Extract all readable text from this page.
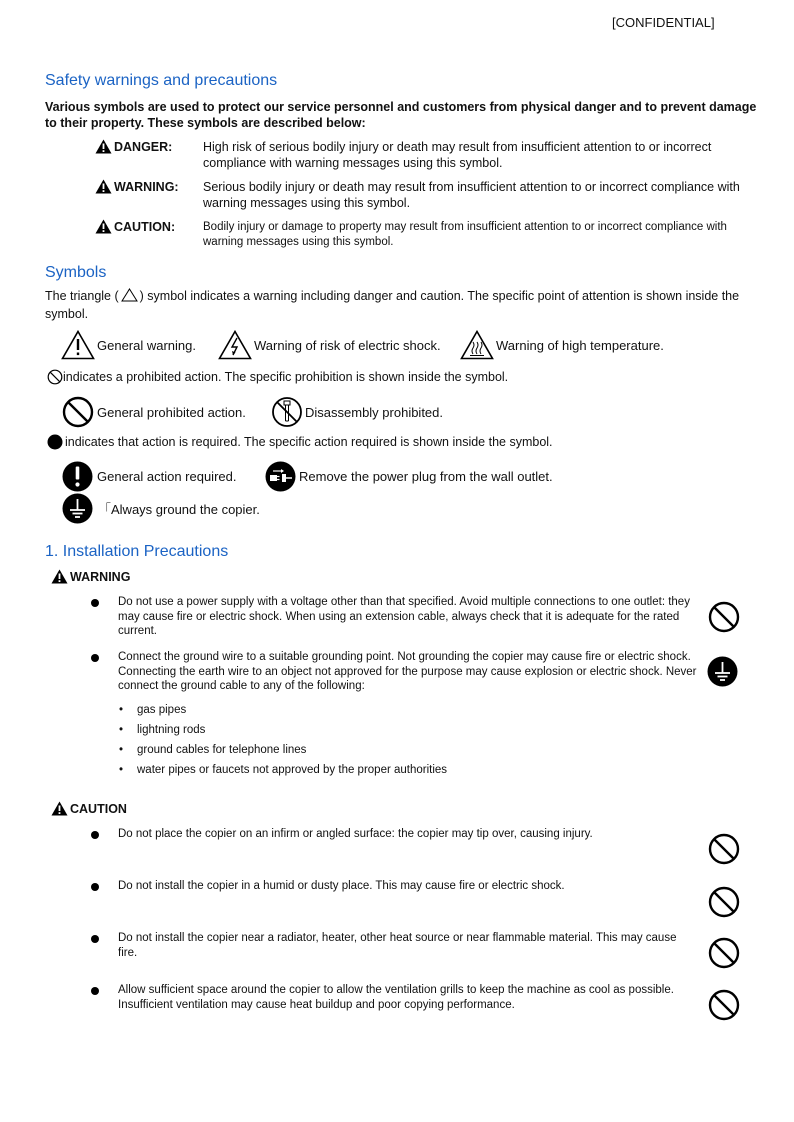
[CONFIDENTIAL]
Safety warnings and precautions
Various symbols are used to protect our service personnel and customers from physical danger and to prevent damage to their property. These symbols are described below:
DANGER: High risk of serious bodily injury or death may result from insufficient attention to or incorrect compliance with warning messages using this symbol.
WARNING: Serious bodily injury or death may result from insufficient attention to or incorrect compliance with warning messages using this symbol.
CAUTION: Bodily injury or damage to property may result from insufficient attention to or incorrect compliance with warning messages using this symbol.
Symbols
The triangle ( ) symbol indicates a warning including danger and caution. The specific point of attention is shown inside the symbol.
General warning.	Warning of risk of electric shock.	Warning of high temperature.
indicates a prohibited action. The specific prohibition is shown inside the symbol.
General prohibited action.	Disassembly prohibited.
indicates that action is required. The specific action required is shown inside the symbol.
General action required.	Remove the power plug from the wall outlet.
「Always ground the copier.
1. Installation Precautions
WARNING
Do not use a power supply with a voltage other than that specified. Avoid multiple connections to one outlet: they may cause fire or electric shock. When using an extension cable, always check that it is adequate for the rated current.
Connect the ground wire to a suitable grounding point. Not grounding the copier may cause fire or electric shock. Connecting the earth wire to an object not approved for the purpose may cause explosion or electric shock. Never connect the ground cable to any of the following:
• gas pipes
• lightning rods
• ground cables for telephone lines
• water pipes or faucets not approved by the proper authorities
CAUTION
Do not place the copier on an infirm or angled surface: the copier may tip over, causing injury.
Do not install the copier in a humid or dusty place. This may cause fire or electric shock.
Do not install the copier near a radiator, heater, other heat source or near flammable material. This may cause fire.
Allow sufficient space around the copier to allow the ventilation grills to keep the machine as cool as possible. Insufficient ventilation may cause heat buildup and poor copying performance.
